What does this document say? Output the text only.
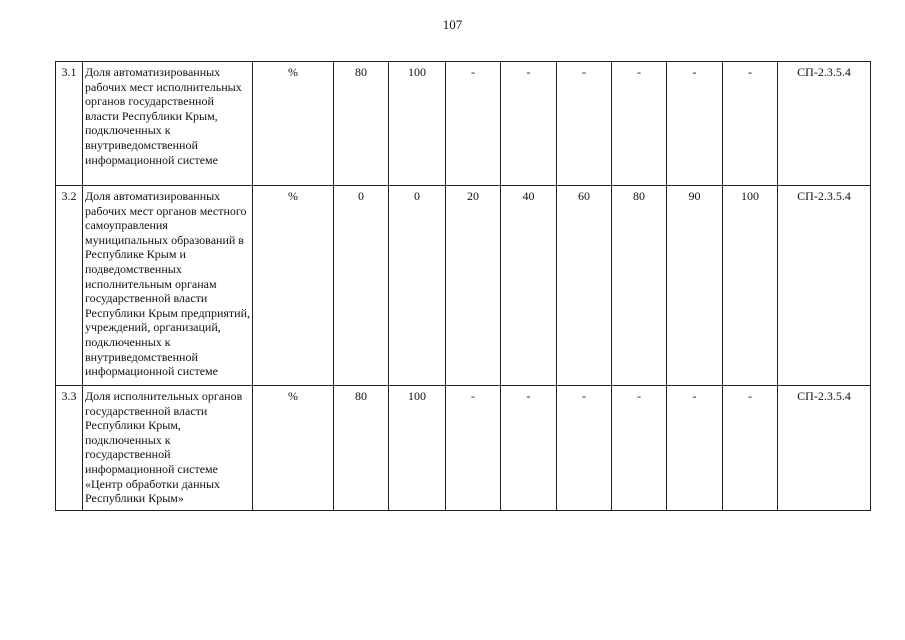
107
3.1	Доля автоматизированных рабочих мест исполнительных органов государственной власти Республики Крым, подключенных к внутриведомственной информационной системе	%	80	100	-	-	-	-	-	-	СП-2.3.5.4
3.2	Доля автоматизированных рабочих мест органов местного самоуправления муниципальных образований в Республике Крым и подведомственных исполнительным органам государственной власти Республики Крым предприятий, учреждений, организаций, подключенных к внутриведомственной информационной системе	%	0	0	20	40	60	80	90	100	СП-2.3.5.4
3.3	Доля исполнительных органов государственной власти Республики Крым, подключенных к государственной информационной системе «Центр обработки данных Республики Крым»	%	80	100	-	-	-	-	-	-	СП-2.3.5.4
